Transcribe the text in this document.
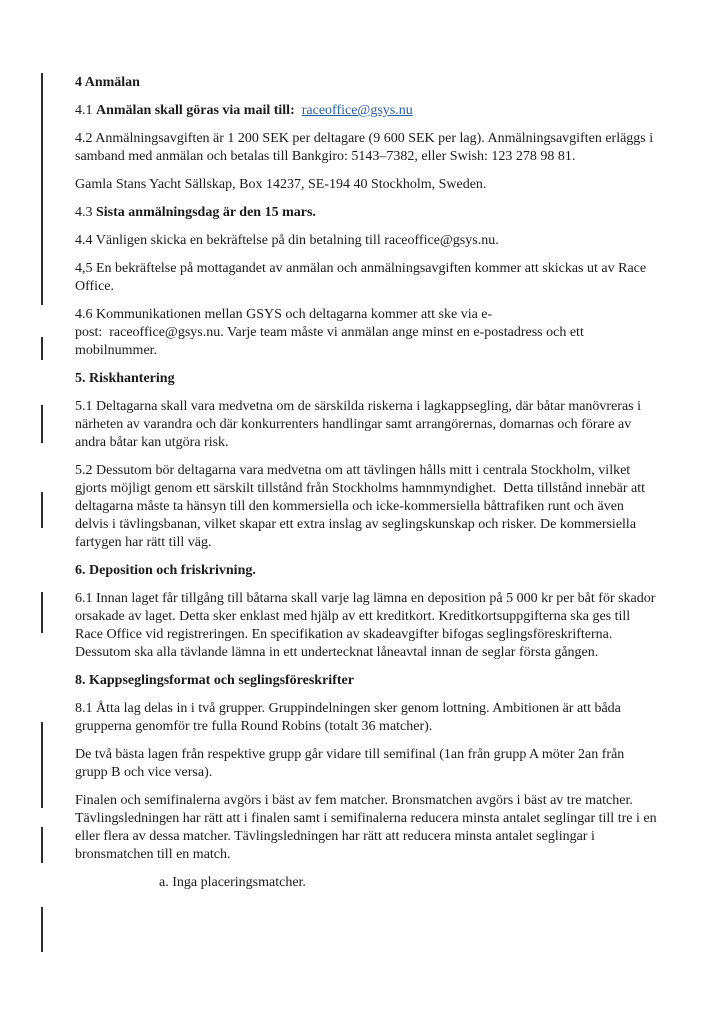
4 Anmälan

4.1 Anmälan skall göras via mail till: raceoffice@gsys.nu

4.2 Anmälningsavgiften är 1 200 SEK per deltagare (9 600 SEK per lag). Anmälningsavgiften erläggs i samband med anmälan och betalas till Bankgiro: 5143–7382, eller Swish: 123 278 98 81.

Gamla Stans Yacht Sällskap, Box 14237, SE-194 40 Stockholm, Sweden.

4.3 Sista anmälningsdag är den 15 mars.

4.4 Vänligen skicka en bekräftelse på din betalning till raceoffice@gsys.nu.

4,5 En bekräftelse på mottagandet av anmälan och anmälningsavgiften kommer att skickas ut av Race Office.

4.6 Kommunikationen mellan GSYS och deltagarna kommer att ske via e-
post:  raceoffice@gsys.nu. Varje team måste vi anmälan ange minst en e-postadress och ett mobilnummer.

5. Riskhantering

5.1 Deltagarna skall vara medvetna om de särskilda riskerna i lagkappsegling, där båtar manövreras i närheten av varandra och där konkurrenters handlingar samt arrangörernas, domarnas och förare av andra båtar kan utgöra risk.

5.2 Dessutom bör deltagarna vara medvetna om att tävlingen hålls mitt i centrala Stockholm, vilket gjorts möjligt genom ett särskilt tillstånd från Stockholms hamnmyndighet.  Detta tillstånd innebär att deltagarna måste ta hänsyn till den kommersiella och icke-kommersiella båttrafiken runt och även delvis i tävlingsbanan, vilket skapar ett extra inslag av seglingskunskap och risker. De kommersiella fartygen har rätt till väg.

6. Deposition och friskrivning.

6.1 Innan laget får tillgång till båtarna skall varje lag lämna en deposition på 5 000 kr per båt för skador orsakade av laget. Detta sker enklast med hjälp av ett kreditkort. Kreditkortsuppgifterna ska ges till Race Office vid registreringen. En specifikation av skadeavgifter bifogas seglingsföreskrifterna. Dessutom ska alla tävlande lämna in ett undertecknat låneavtal innan de seglar första gången.

8. Kappseglingsformat och seglingsföreskrifter

8.1 Åtta lag delas in i två grupper. Gruppindelningen sker genom lottning. Ambitionen är att båda grupperna genomför tre fulla Round Robins (totalt 36 matcher).

De två bästa lagen från respektive grupp går vidare till semifinal (1an från grupp A möter 2an från grupp B och vice versa).

Finalen och semifinalerna avgörs i bäst av fem matcher. Bronsmatchen avgörs i bäst av tre matcher. Tävlingsledningen har rätt att i finalen samt i semifinalerna reducera minsta antalet seglingar till tre i en eller flera av dessa matcher. Tävlingsledningen har rätt att reducera minsta antalet seglingar i bronsmatchen till en match.

a. Inga placeringsmatcher.
